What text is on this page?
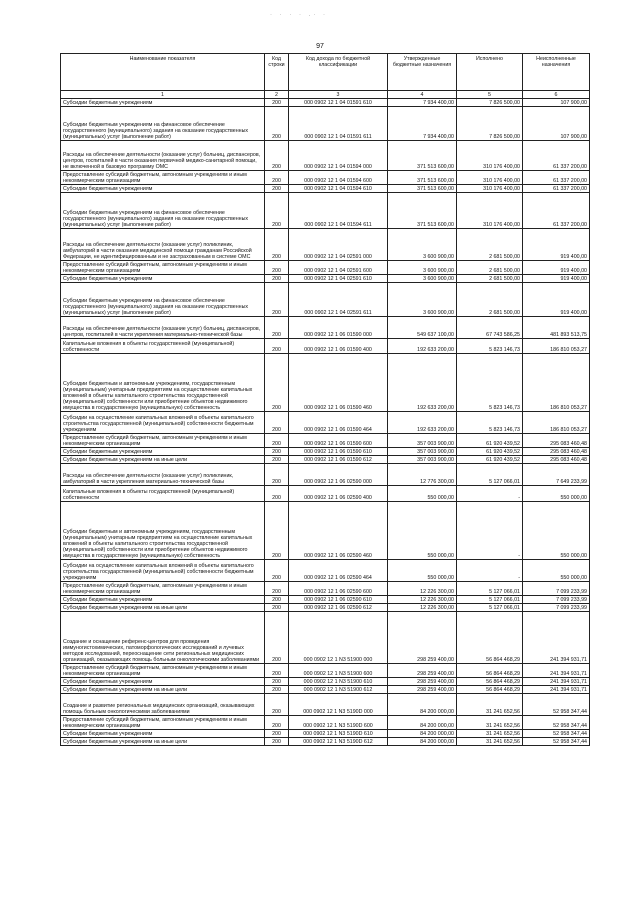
· · · · .· ·
97
Наименование показателя	Код строки	Код дохода по бюджетной классификации	Утвержденные бюджетные назначения	Исполнено	Неисполненные назначения
1	2	3	4	5	6
Субсидии бюджетным учреждениям	200	000 0902 12 1 04 01591 610	7 934 400,00	7 826 500,00	107 900,00
Субсидии бюджетным учреждениям на финансовое обеспечение государственного (муниципального) задания на оказание государственных (муниципальных) услуг (выполнение работ)	200	000 0902 12 1 04 01591 611	7 934 400,00	7 826 500,00	107 900,00
Расходы на обеспечение деятельности (оказание услуг) больниц, диспансеров, центров, госпиталей в части оказания первичной медико-санитарной помощи, не включенной в базовую программу ОМС	200	000 0902 12 1 04 01594 000	371 513 600,00	310 176 400,00	61 337 200,00
Предоставление субсидий бюджетным, автономным учреждениям и иным некоммерческим организациям	200	000 0902 12 1 04 01594 600	371 513 600,00	310 176 400,00	61 337 200,00
Субсидии бюджетным учреждениям	200	000 0902 12 1 04 01594 610	371 513 600,00	310 176 400,00	61 337 200,00
Субсидии бюджетным учреждениям на финансовое обеспечение государственного (муниципального) задания на оказание государственных (муниципальных) услуг (выполнение работ)	200	000 0902 12 1 04 01594 611	371 513 600,00	310 176 400,00	61 337 200,00
Расходы на обеспечение деятельности (оказание услуг) поликлиник, амбулаторий в части оказания медицинской помощи гражданам Российской Федерации, не идентифицированным и не застрахованным в системе ОМС	200	000 0902 12 1 04 02591 000	3 600 900,00	2 681 500,00	919 400,00
Предоставление субсидий бюджетным, автономным учреждениям и иным некоммерческим организациям	200	000 0902 12 1 04 02591 600	3 600 900,00	2 681 500,00	919 400,00
Субсидии бюджетным учреждениям	200	000 0902 12 1 04 02591 610	3 600 900,00	2 681 500,00	919 400,00
Субсидии бюджетным учреждениям на финансовое обеспечение государственного (муниципального) задания на оказание государственных (муниципальных) услуг (выполнение работ)	200	000 0902 12 1 04 02591 611	3 600 900,00	2 681 500,00	919 400,00
Расходы на обеспечение деятельности (оказание услуг) больниц, диспансеров, центров, госпиталей в части укрепления материально-технической базы	200	000 0902 12 1 06 01590 000	549 637 100,00	67 743 586,25	481 893 513,75
Капитальные вложения в объекты государственной (муниципальной) собственности	200	000 0902 12 1 06 01590 400	192 633 200,00	5 823 146,73	186 810 053,27
Субсидии бюджетным и автономным учреждениям, государственным (муниципальным) унитарным предприятиям на осуществление капитальных вложений в объекты капитального строительства государственной (муниципальной) собственности или приобретение объектов недвижимого имущества в государственную (муниципальную) собственность	200	000 0902 12 1 06 01590 460	192 633 200,00	5 823 146,73	186 810 053,27
Субсидии на осуществление капитальных вложений в объекты капитального строительства государственной (муниципальной) собственности бюджетным учреждениям	200	000 0902 12 1 06 01590 464	192 633 200,00	5 823 146,73	186 810 053,27
Предоставление субсидий бюджетным, автономным учреждениям и иным некоммерческим организациям	200	000 0902 12 1 06 01590 600	357 003 900,00	61 920 439,52	295 083 460,48
Субсидии бюджетным учреждениям	200	000 0902 12 1 06 01590 610	357 003 900,00	61 920 439,52	295 083 460,48
Субсидии бюджетным учреждениям на иные цели	200	000 0902 12 1 06 01590 612	357 003 900,00	61 920 439,52	295 083 460,48
Расходы на обеспечение деятельности (оказание услуг) поликлиник, амбулаторий в части укрепления материально-технической базы	200	000 0902 12 1 06 02590 000	12 776 300,00	5 127 066,01	7 649 233,99
Капитальные вложения в объекты государственной (муниципальной) собственности	200	000 0902 12 1 06 02590 400	550 000,00	-	550 000,00
Субсидии бюджетным и автономным учреждениям, государственным (муниципальным) унитарным предприятиям на осуществление капитальных вложений в объекты капитального строительства государственной (муниципальной) собственности или приобретение объектов недвижимого имущества в государственную (муниципальную) собственность	200	000 0902 12 1 06 02590 460	550 000,00	-	550 000,00
Субсидии на осуществление капитальных вложений в объекты капитального строительства государственной (муниципальной) собственности бюджетным учреждениям	200	000 0902 12 1 06 02590 464	550 000,00	-	550 000,00
Предоставление субсидий бюджетным, автономным учреждениям и иным некоммерческим организациям	200	000 0902 12 1 06 02590 600	12 226 300,00	5 127 066,01	7 099 233,99
Субсидии бюджетным учреждениям	200	000 0902 12 1 06 02590 610	12 226 300,00	5 127 066,01	7 099 233,99
Субсидии бюджетным учреждениям на иные цели	200	000 0902 12 1 06 02590 612	12 226 300,00	5 127 066,01	7 099 233,99
Создание и оснащение референс-центров для проведения иммуногистохимических, патоморфологических исследований и лучевых методов исследований, переоснащение сети региональных медицинских организаций, оказывающих помощь больным онкологическими заболеваниями	200	000 0902 12 1 N3 51900 000	298 259 400,00	56 864 468,29	241 394 931,71
Предоставление субсидий бюджетным, автономным учреждениям и иным некоммерческим организациям	200	000 0902 12 1 N3 51900 600	298 259 400,00	56 864 468,29	241 394 931,71
Субсидии бюджетным учреждениям	200	000 0902 12 1 N3 51900 610	298 259 400,00	56 864 468,29	241 394 931,71
Субсидии бюджетным учреждениям на иные цели	200	000 0902 12 1 N3 51900 612	298 259 400,00	56 864 468,29	241 394 931,71
Создание и развитие региональных медицинских организаций, оказывающих помощь больным онкологическими заболеваниями	200	000 0902 12 1 N3 5190D 000	84 200 000,00	31 241 652,56	52 958 347,44
Предоставление субсидий бюджетным, автономным учреждениям и иным некоммерческим организациям	200	000 0902 12 1 N3 5190D 600	84 200 000,00	31 241 652,56	52 958 347,44
Субсидии бюджетным учреждениям	200	000 0902 12 1 N3 5190D 610	84 200 000,00	31 241 652,56	52 958 347,44
Субсидии бюджетным учреждениям на иные цели	200	000 0902 12 1 N3 5190D 612	84 200 000,00	31 241 652,56	52 958 347,44
